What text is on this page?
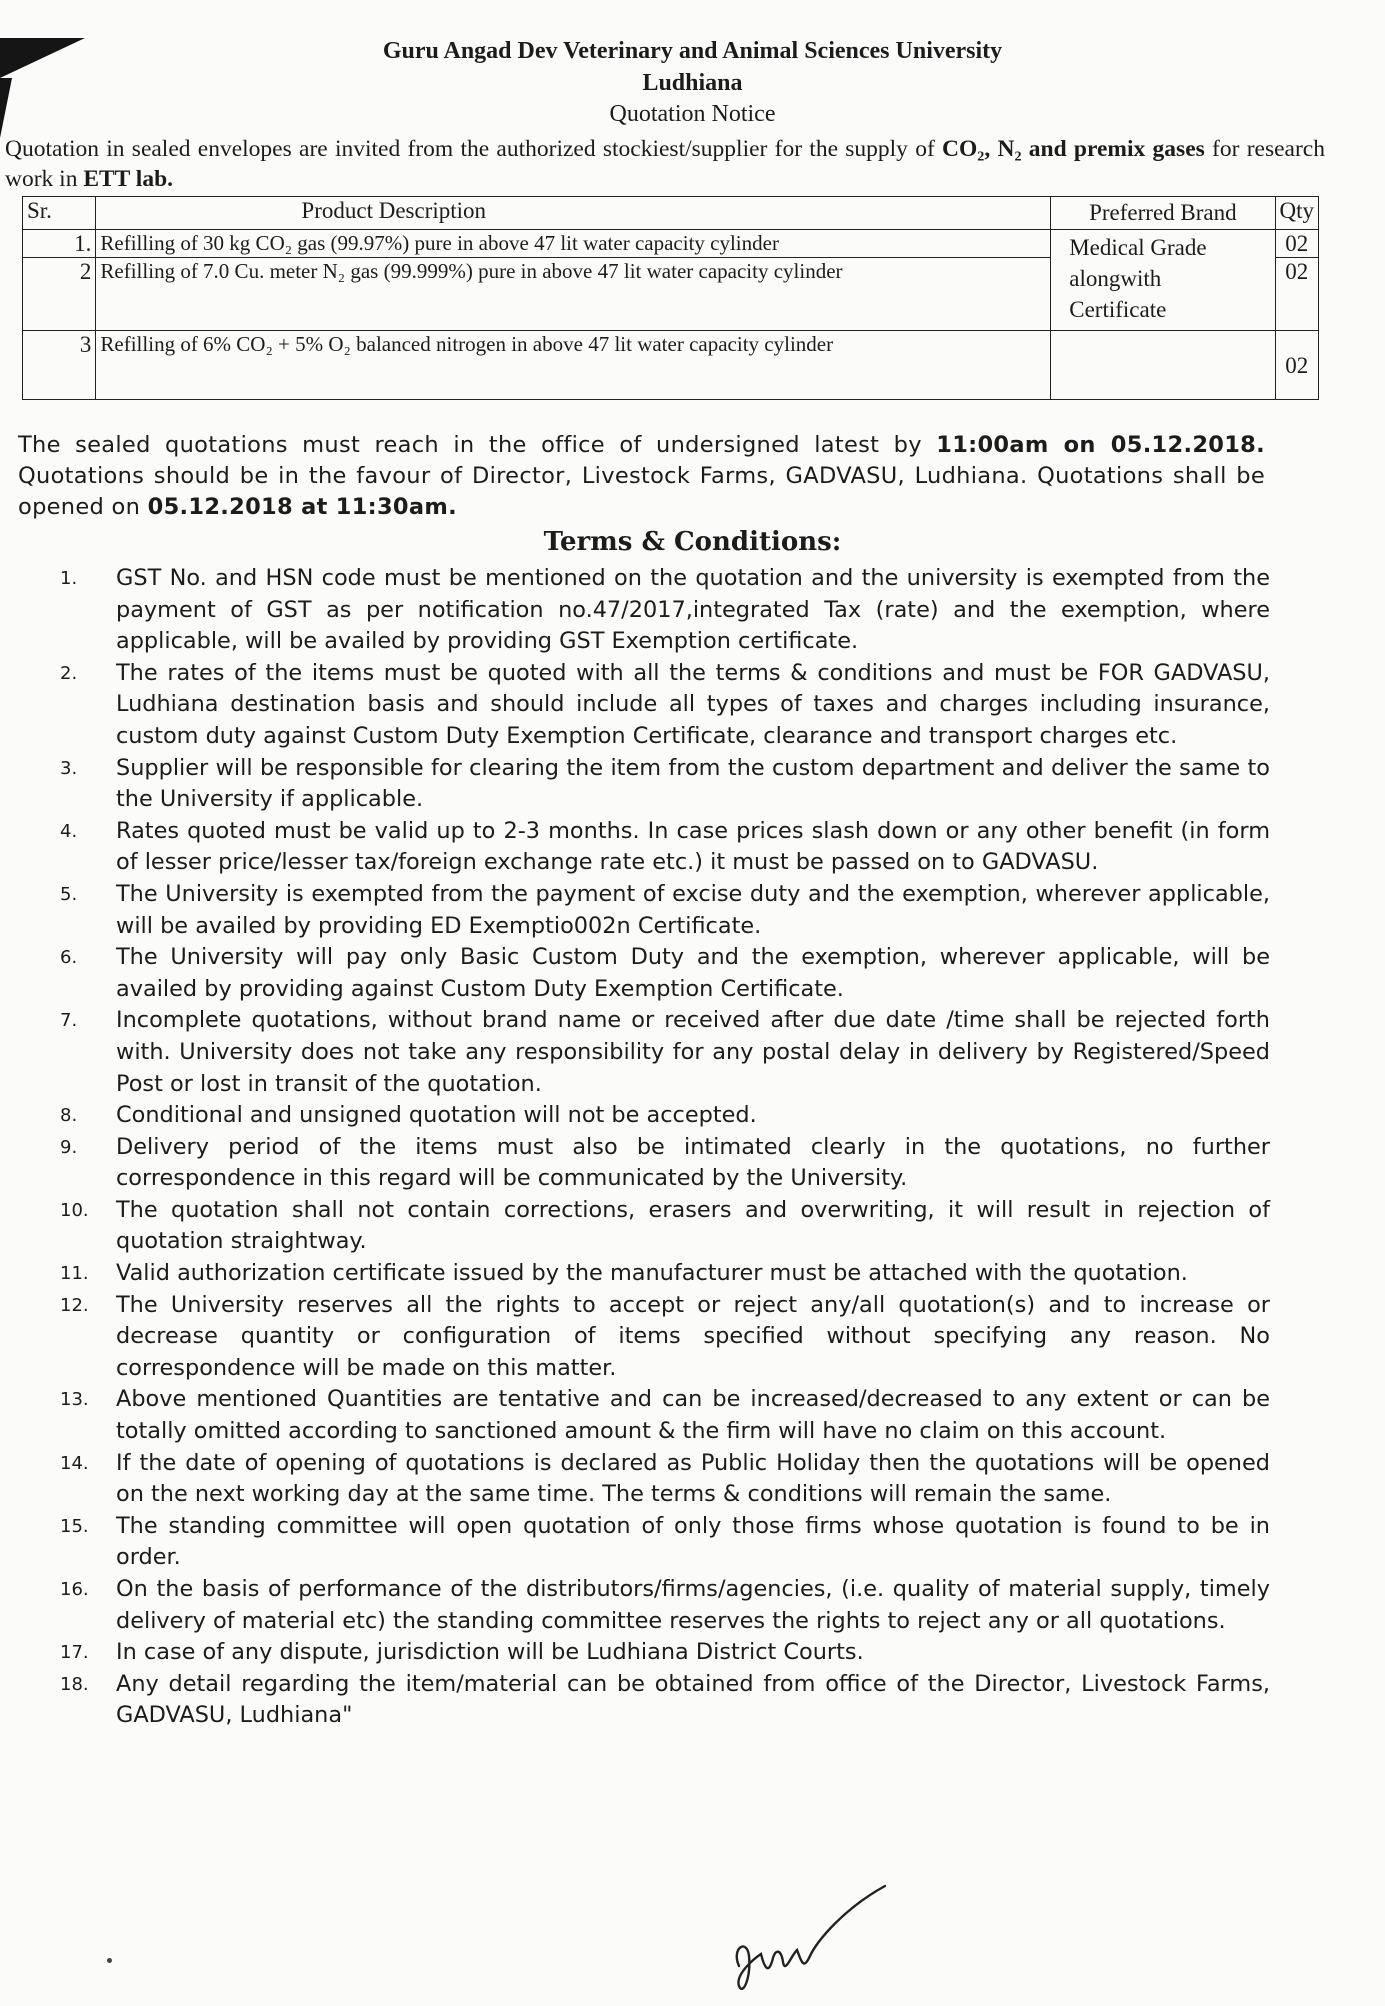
Guru Angad Dev Veterinary and Animal Sciences University
Ludhiana
Quotation Notice
Quotation in sealed envelopes are invited from the authorized stockiest/supplier for the supply of CO₂, N₂ and premix gases for research work in ETT lab.
Sr.	Product Description	Preferred Brand	Qty
1.	Refilling of 30 kg CO₂ gas (99.97%) pure in above 47 lit water capacity cylinder	Medical Grade alongwith Certificate	02
2	Refilling of 7.0 Cu. meter N₂ gas (99.999%) pure in above 47 lit water capacity cylinder		02
3	Refilling of 6% CO₂ + 5% O₂ balanced nitrogen in above 47 lit water capacity cylinder		02
The sealed quotations must reach in the office of undersigned latest by 11:00am on 05.12.2018. Quotations should be in the favour of Director, Livestock Farms, GADVASU, Ludhiana. Quotations shall be opened on 05.12.2018 at 11:30am.
Terms & Conditions:
1.	GST No. and HSN code must be mentioned on the quotation and the university is exempted from the payment of GST as per notification no.47/2017,integrated Tax (rate) and the exemption, where applicable, will be availed by providing GST Exemption certificate.
2.	The rates of the items must be quoted with all the terms & conditions and must be FOR GADVASU, Ludhiana destination basis and should include all types of taxes and charges including insurance, custom duty against Custom Duty Exemption Certificate, clearance and transport charges etc.
3.	Supplier will be responsible for clearing the item from the custom department and deliver the same to the University if applicable.
4.	Rates quoted must be valid up to 2-3 months. In case prices slash down or any other benefit (in form of lesser price/lesser tax/foreign exchange rate etc.) it must be passed on to GADVASU.
5.	The University is exempted from the payment of excise duty and the exemption, wherever applicable, will be availed by providing ED Exemptio002n Certificate.
6.	The University will pay only Basic Custom Duty and the exemption, wherever applicable, will be availed by providing against Custom Duty Exemption Certificate.
7.	Incomplete quotations, without brand name or received after due date /time shall be rejected forth with. University does not take any responsibility for any postal delay in delivery by Registered/Speed Post or lost in transit of the quotation.
8.	Conditional and unsigned quotation will not be accepted.
9.	Delivery period of the items must also be intimated clearly in the quotations, no further correspondence in this regard will be communicated by the University.
10.	The quotation shall not contain corrections, erasers and overwriting, it will result in rejection of quotation straightway.
11.	Valid authorization certificate issued by the manufacturer must be attached with the quotation.
12.	The University reserves all the rights to accept or reject any/all quotation(s) and to increase or decrease quantity or configuration of items specified without specifying any reason. No correspondence will be made on this matter.
13.	Above mentioned Quantities are tentative and can be increased/decreased to any extent or can be totally omitted according to sanctioned amount & the firm will have no claim on this account.
14.	If the date of opening of quotations is declared as Public Holiday then the quotations will be opened on the next working day at the same time. The terms & conditions will remain the same.
15.	The standing committee will open quotation of only those firms whose quotation is found to be in order.
16.	On the basis of performance of the distributors/firms/agencies, (i.e. quality of material supply, timely delivery of material etc) the standing committee reserves the rights to reject any or all quotations.
17.	In case of any dispute, jurisdiction will be Ludhiana District Courts.
18.	Any detail regarding the item/material can be obtained from office of the Director, Livestock Farms, GADVASU, Ludhiana"
